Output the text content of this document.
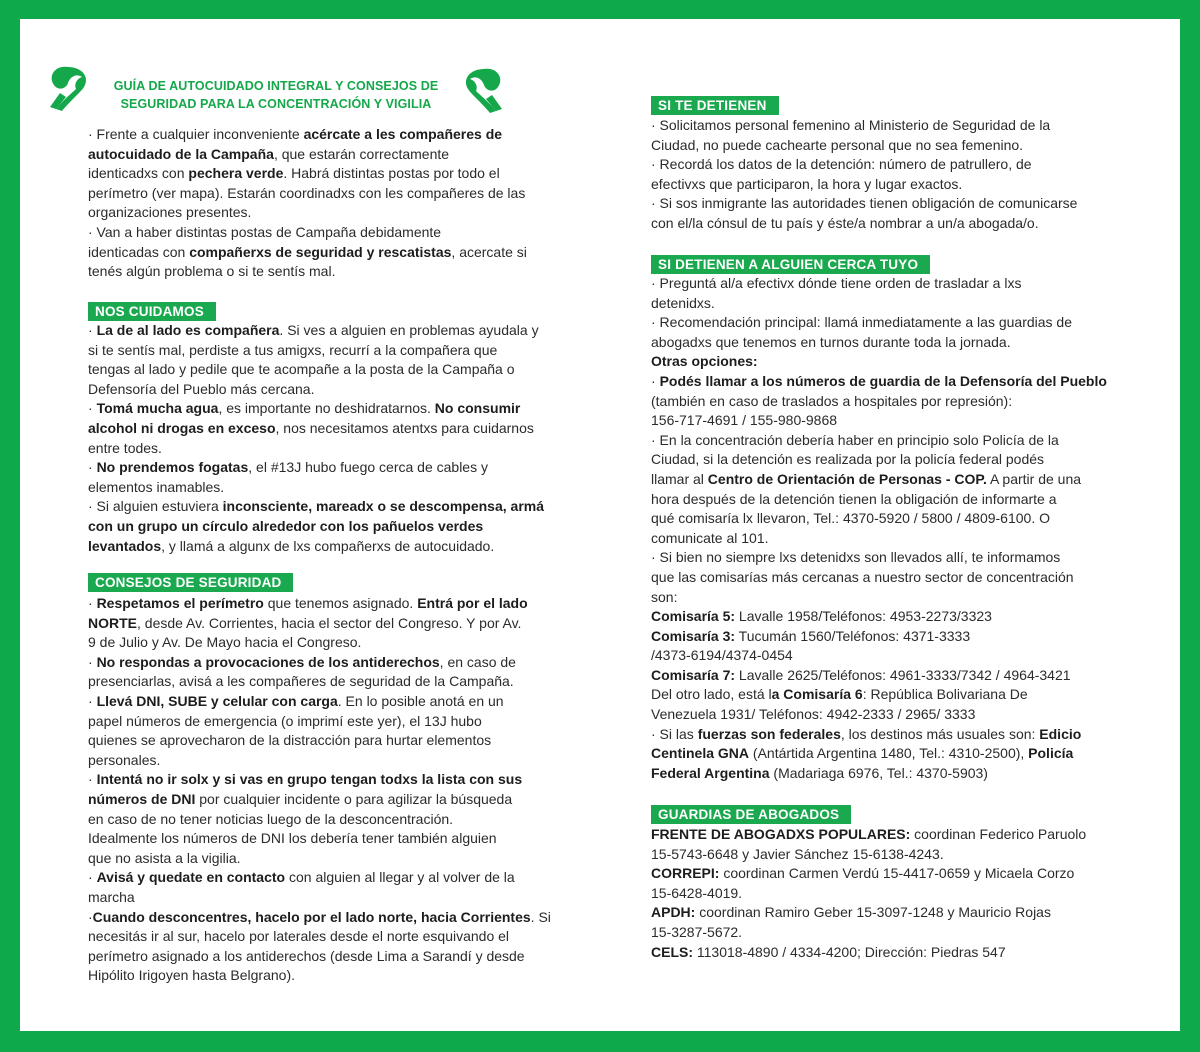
GUÍA DE AUTOCUIDADO INTEGRAL Y CONSEJOS DE
SEGURIDAD PARA LA CONCENTRACIÓN Y VIGILIA

· Frente a cualquier inconveniente acércate a les compañeres de

autocuidado de la Campaña, que estarán correctamente

identicadxs con pechera verde. Habrá distintas postas por todo el

perímetro (ver mapa). Estarán coordinadxs con les compañeres de las

organizaciones presentes.

· Van a haber distintas postas de Campaña debidamente

identicadas con compañerxs de seguridad y rescatistas, acercate si

tenés algún problema o si te sentís mal.

NOS CUIDAMOS

· La de al lado es compañera. Si ves a alguien en problemas ayudala y

si te sentís mal, perdiste a tus amigxs, recurrí a la compañera que

tengas al lado y pedile que te acompañe a la posta de la Campaña o

Defensoría del Pueblo más cercana.

· Tomá mucha agua, es importante no deshidratarnos. No consumir

alcohol ni drogas en exceso, nos necesitamos atentxs para cuidarnos

entre todes.

· No prendemos fogatas, el #13J hubo fuego cerca de cables y

elementos inamables.

· Si alguien estuviera inconsciente, mareadx o se descompensa, armá

con un grupo un círculo alrededor con los pañuelos verdes

levantados, y llamá a algunx de lxs compañerxs de autocuidado.

CONSEJOS DE SEGURIDAD

· Respetamos el perímetro que tenemos asignado. Entrá por el lado

NORTE, desde Av. Corrientes, hacia el sector del Congreso. Y por Av.

9 de Julio y Av. De Mayo hacia el Congreso.

· No respondas a provocaciones de los antiderechos, en caso de

presenciarlas, avisá a les compañeres de seguridad de la Campaña.

· Llevá DNI, SUBE y celular con carga. En lo posible anotá en un

papel números de emergencia (o imprimí este yer), el 13J hubo

quienes se aprovecharon de la distracción para hurtar elementos

personales.

· Intentá no ir solx y si vas en grupo tengan todxs la lista con sus

números de DNI por cualquier incidente o para agilizar la búsqueda

en caso de no tener noticias luego de la desconcentración.

Idealmente los números de DNI los debería tener también alguien

que no asista a la vigilia.

· Avisá y quedate en contacto con alguien al llegar y al volver de la

marcha

·Cuando desconcentres, hacelo por el lado norte, hacia Corrientes. Si

necesitás ir al sur, hacelo por laterales desde el norte esquivando el

perímetro asignado a los antiderechos (desde Lima a Sarandí y desde

Hipólito Irigoyen hasta Belgrano).

SI TE DETIENEN

· Solicitamos personal femenino al Ministerio de Seguridad de la

Ciudad, no puede cachearte personal que no sea femenino.

· Recordá los datos de la detención: número de patrullero, de

efectivxs que participaron, la hora y lugar exactos.

· Si sos inmigrante las autoridades tienen obligación de comunicarse

con el/la cónsul de tu país y éste/a nombrar a un/a abogada/o.

SI DETIENEN A ALGUIEN CERCA TUYO

· Preguntá al/a efectivx dónde tiene orden de trasladar a lxs

detenidxs.

· Recomendación principal: llamá inmediatamente a las guardias de

abogadxs que tenemos en turnos durante toda la jornada.

Otras opciones:

· Podés llamar a los números de guardia de la Defensoría del Pueblo

(también en caso de traslados a hospitales por represión):

156-717-4691 / 155-980-9868

· En la concentración debería haber en principio solo Policía de la

Ciudad, si la detención es realizada por la policía federal podés

llamar al Centro de Orientación de Personas - COP. A partir de una

hora después de la detención tienen la obligación de informarte a

qué comisaría lx llevaron, Tel.: 4370-5920 / 5800 / 4809-6100. O

comunicate al 101.

· Si bien no siempre lxs detenidxs son llevados allí, te informamos

que las comisarías más cercanas a nuestro sector de concentración

son:

Comisaría 5: Lavalle 1958/Teléfonos: 4953-2273/3323

Comisaría 3: Tucumán 1560/Teléfonos: 4371-3333

/4373-6194/4374-0454

Comisaría 7: Lavalle 2625/Teléfonos: 4961-3333/7342 / 4964-3421

Del otro lado, está la Comisaría 6: República Bolivariana De

Venezuela 1931/ Teléfonos: 4942-2333 / 2965/ 3333

· Si las fuerzas son federales, los destinos más usuales son: Edicio

Centinela GNA (Antártida Argentina 1480, Tel.: 4310-2500), Policía

Federal Argentina (Madariaga 6976, Tel.: 4370-5903)

GUARDIAS DE ABOGADOS

FRENTE DE ABOGADXS POPULARES: coordinan Federico Paruolo

15-5743-6648 y Javier Sánchez 15-6138-4243.

CORREPI: coordinan Carmen Verdú 15-4417-0659 y Micaela Corzo

15-6428-4019.

APDH: coordinan Ramiro Geber 15-3097-1248 y Mauricio Rojas

15-3287-5672.

CELS: 113018-4890 / 4334-4200; Dirección: Piedras 547
